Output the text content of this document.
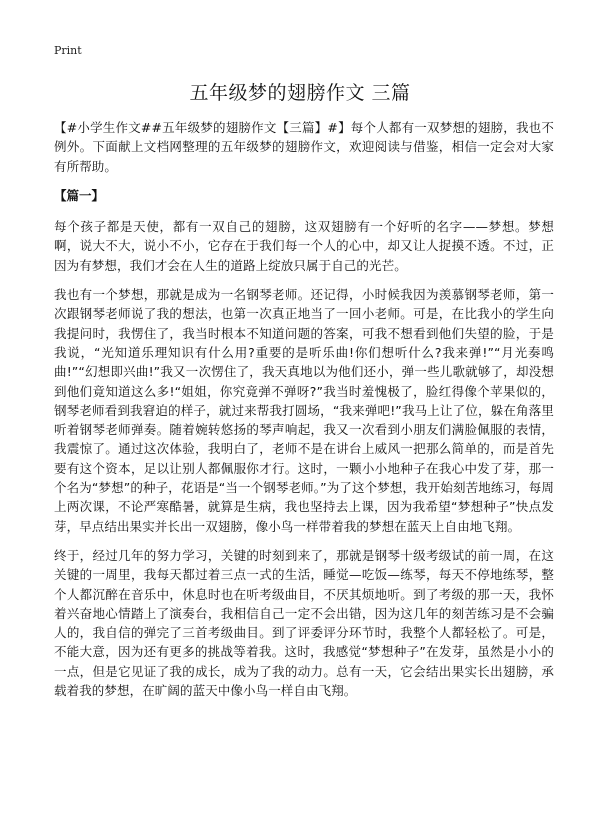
Print
五年级梦的翅膀作文 三篇

【#小学生作文##五年级梦的翅膀作文【三篇】#】每个人都有一双梦想的翅膀，我也不例外。下面献上文档网整理的五年级梦的翅膀作文，欢迎阅读与借鉴，相信一定会对大家有所帮助。

【篇一】

每个孩子都是天使，都有一双自己的翅膀，这双翅膀有一个好听的名字——梦想。梦想啊，说大不大，说小不小，它存在于我们每一个人的心中，却又让人捉摸不透。不过，正因为有梦想，我们才会在人生的道路上绽放只属于自己的光芒。

我也有一个梦想，那就是成为一名钢琴老师。还记得，小时候我因为羡慕钢琴老师，第一次跟钢琴老师说了我的想法，也第一次真正地当了一回小老师。可是，在比我小的学生向我提问时，我愣住了，我当时根本不知道问题的答案，可我不想看到他们失望的脸，于是我说，“光知道乐理知识有什么用?重要的是听乐曲!你们想听什么?我来弹!”“月光奏鸣曲!”“幻想即兴曲!”我又一次愣住了，我天真地以为他们还小，弹一些儿歌就够了，却没想到他们竟知道这么多!“姐姐，你究竟弹不弹呀?”我当时羞愧极了，脸红得像个苹果似的，钢琴老师看到我窘迫的样子，就过来帮我打圆场，“我来弹吧!”我马上让了位，躲在角落里听着钢琴老师弹奏。随着婉转悠扬的琴声响起，我又一次看到小朋友们满脸佩服的表情，我震惊了。通过这次体验，我明白了，老师不是在讲台上威风一把那么简单的，而是首先要有这个资本，足以让别人都佩服你才行。这时，一颗小小地种子在我心中发了芽，那一个名为“梦想”的种子，花语是“当一个钢琴老师。”为了这个梦想，我开始刻苦地练习，每周上两次课，不论严寒酷暑，就算是生病，我也坚持去上课，因为我希望“梦想种子”快点发芽，早点结出果实并长出一双翅膀，像小鸟一样带着我的梦想在蓝天上自由地飞翔。

终于，经过几年的努力学习，关键的时刻到来了，那就是钢琴十级考级试的前一周，在这关键的一周里，我每天都过着三点一式的生活，睡觉—吃饭—练琴，每天不停地练琴，整个人都沉醉在音乐中，休息时也在听考级曲目，不厌其烦地听。到了考级的那一天，我怀着兴奋地心情踏上了演奏台，我相信自己一定不会出错，因为这几年的刻苦练习是不会骗人的，我自信的弹完了三首考级曲目。到了评委评分环节时，我整个人都轻松了。可是，不能大意，因为还有更多的挑战等着我。这时，我感觉“梦想种子”在发芽，虽然是小小的一点，但是它见证了我的成长，成为了我的动力。总有一天，它会结出果实长出翅膀，承载着我的梦想，在旷阔的蓝天中像小鸟一样自由飞翔。
